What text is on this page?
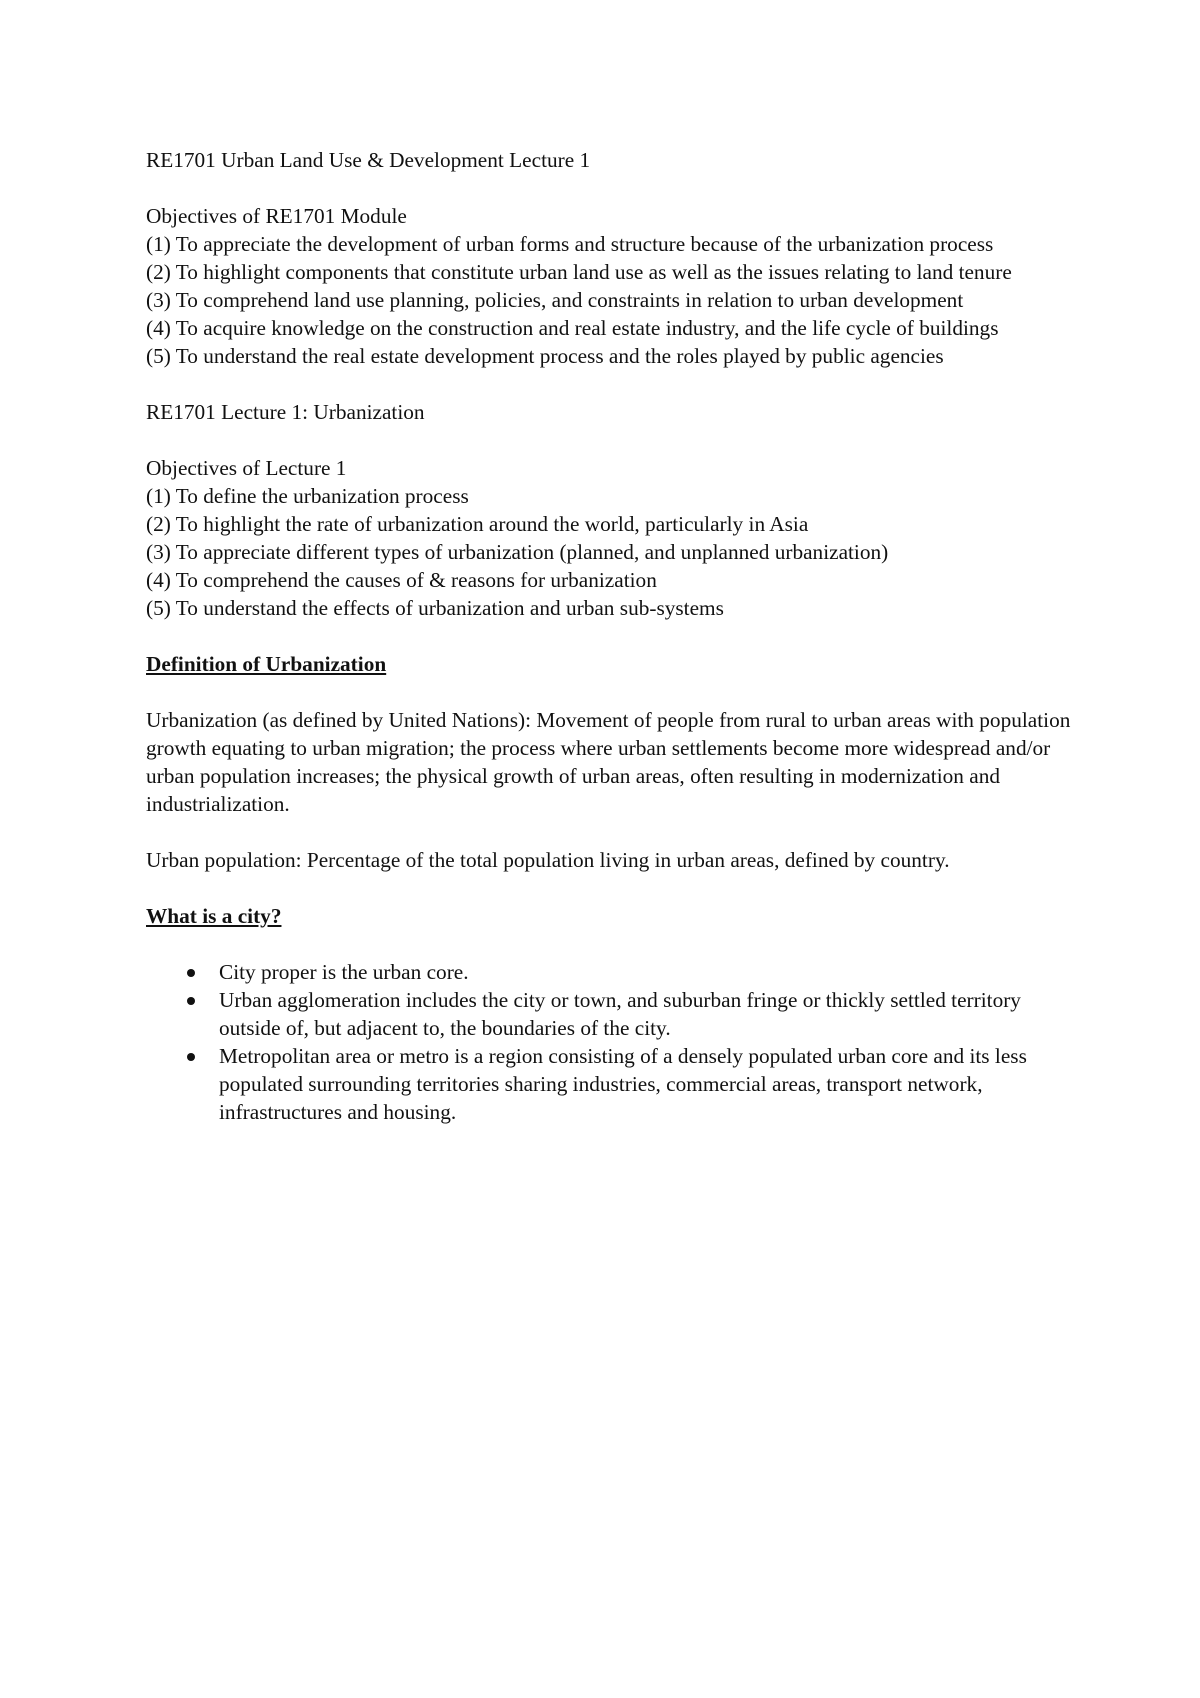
RE1701 Urban Land Use & Development Lecture 1

Objectives of RE1701 Module

(1) To appreciate the development of urban forms and structure because of the urbanization process

(2) To highlight components that constitute urban land use as well as the issues relating to land tenure

(3) To comprehend land use planning, policies, and constraints in relation to urban development

(4) To acquire knowledge on the construction and real estate industry, and the life cycle of buildings

(5) To understand the real estate development process and the roles played by public agencies

RE1701 Lecture 1: Urbanization

Objectives of Lecture 1

(1) To define the urbanization process

(2) To highlight the rate of urbanization around the world, particularly in Asia

(3) To appreciate different types of urbanization (planned, and unplanned urbanization)

(4) To comprehend the causes of & reasons for urbanization

(5) To understand the effects of urbanization and urban sub-systems

Definition of Urbanization

Urbanization (as defined by United Nations): Movement of people from rural to urban areas with population growth equating to urban migration; the process where urban settlements become more widespread and/or urban population increases; the physical growth of urban areas, often resulting in modernization and industrialization.

Urban population: Percentage of the total population living in urban areas, defined by country.

What is a city?

City proper is the urban core.
Urban agglomeration includes the city or town, and suburban fringe or thickly settled territory outside of, but adjacent to, the boundaries of the city.
Metropolitan area or metro is a region consisting of a densely populated urban core and its less populated surrounding territories sharing industries, commercial areas, transport network, infrastructures and housing.
